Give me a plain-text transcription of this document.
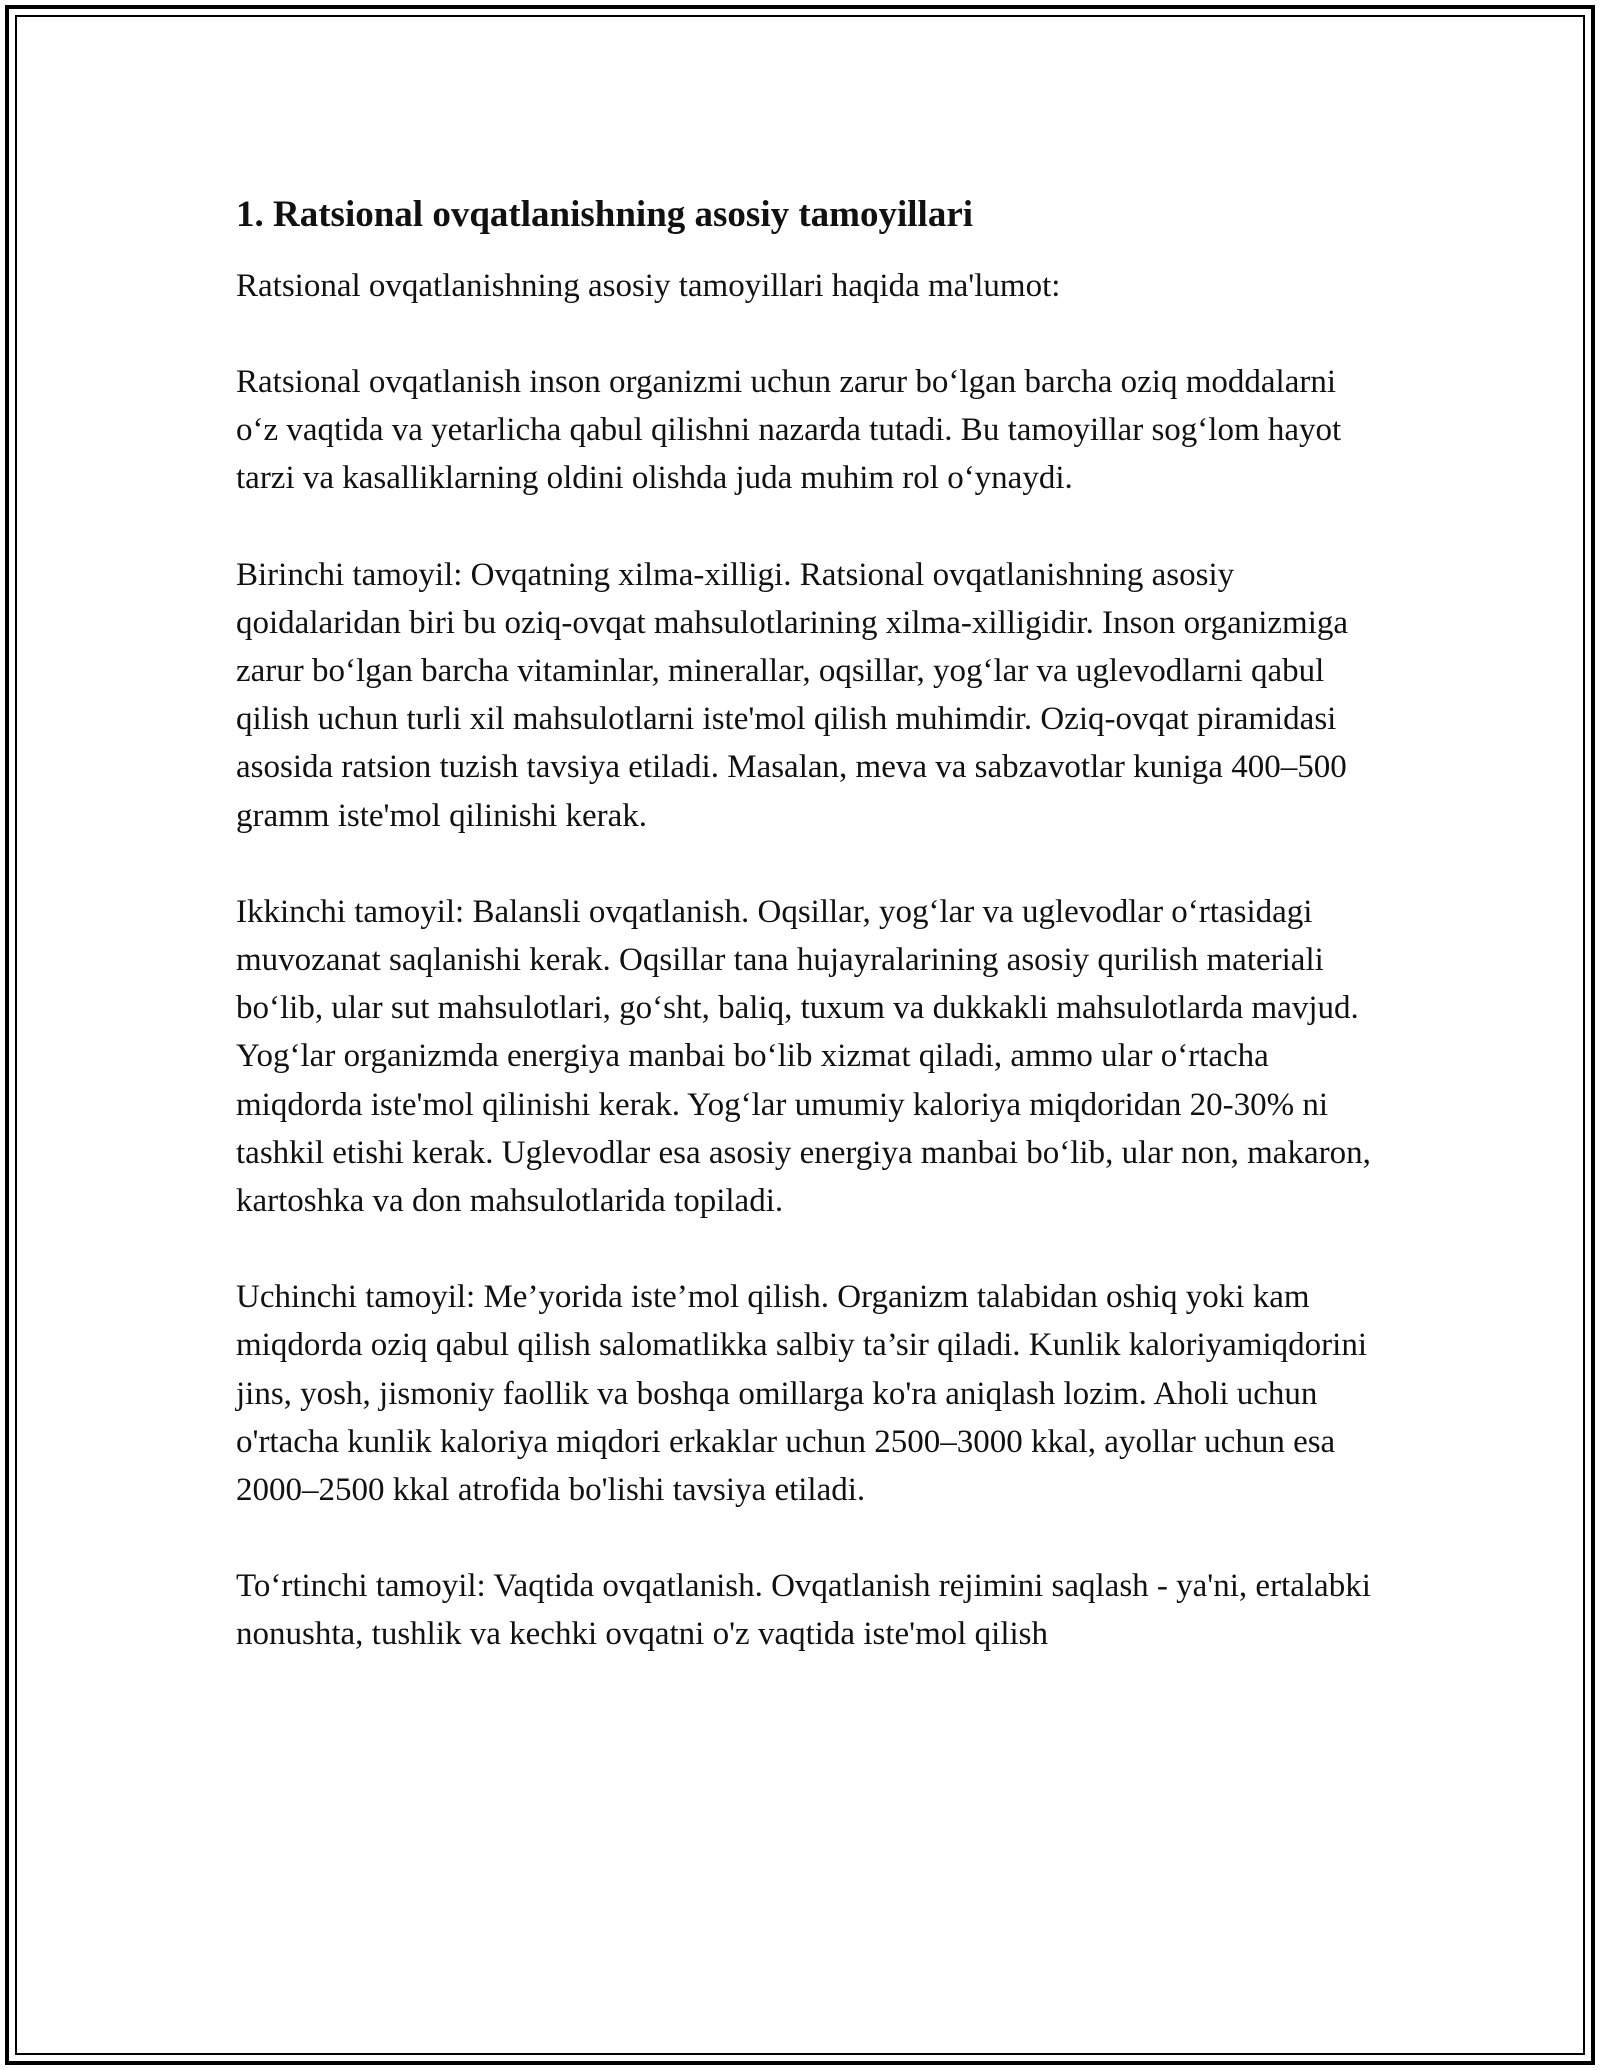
1. Ratsional ovqatlanishning asosiy tamoyillari

Ratsional ovqatlanishning asosiy tamoyillari haqida ma'lumot:

Ratsional ovqatlanish inson organizmi uchun zarur bo‘lgan barcha oziq moddalarni o‘z vaqtida va yetarlicha qabul qilishni nazarda tutadi. Bu tamoyillar sog‘lom hayot tarzi va kasalliklarning oldini olishda juda muhim rol o‘ynaydi.

Birinchi tamoyil: Ovqatning xilma-xilligi. Ratsional ovqatlanishning asosiy qoidalaridan biri bu oziq-ovqat mahsulotlarining xilma-xilligidir. Inson organizmiga zarur bo‘lgan barcha vitaminlar, minerallar, oqsillar, yog‘lar va uglevodlarni qabul qilish uchun turli xil mahsulotlarni iste'mol qilish muhimdir. Oziq-ovqat piramidasi asosida ratsion tuzish tavsiya etiladi. Masalan, meva va sabzavotlar kuniga 400–500 gramm iste'mol qilinishi kerak.

Ikkinchi tamoyil: Balansli ovqatlanish. Oqsillar, yog‘lar va uglevodlar o‘rtasidagi muvozanat saqlanishi kerak. Oqsillar tana hujayralarining asosiy qurilish materiali bo‘lib, ular sut mahsulotlari, go‘sht, baliq, tuxum va dukkakli mahsulotlarda mavjud. Yog‘lar organizmda energiya manbai bo‘lib xizmat qiladi, ammo ular o‘rtacha miqdorda iste'mol qilinishi kerak. Yog‘lar umumiy kaloriya miqdoridan 20-30% ni tashkil etishi kerak. Uglevodlar esa asosiy energiya manbai bo‘lib, ular non, makaron, kartoshka va don mahsulotlarida topiladi.

Uchinchi tamoyil: Me’yorida iste’mol qilish. Organizm talabidan oshiq yoki kam miqdorda oziq qabul qilish salomatlikka salbiy ta’sir qiladi. Kunlik kaloriyamiqdorini jins, yosh, jismoniy faollik va boshqa omillarga ko'ra aniqlash lozim. Aholi uchun o'rtacha kunlik kaloriya miqdori erkaklar uchun 2500–3000 kkal, ayollar uchun esa 2000–2500 kkal atrofida bo'lishi tavsiya etiladi.

To‘rtinchi tamoyil: Vaqtida ovqatlanish. Ovqatlanish rejimini saqlash - ya'ni, ertalabki nonushta, tushlik va kechki ovqatni o'z vaqtida iste'mol qilish
